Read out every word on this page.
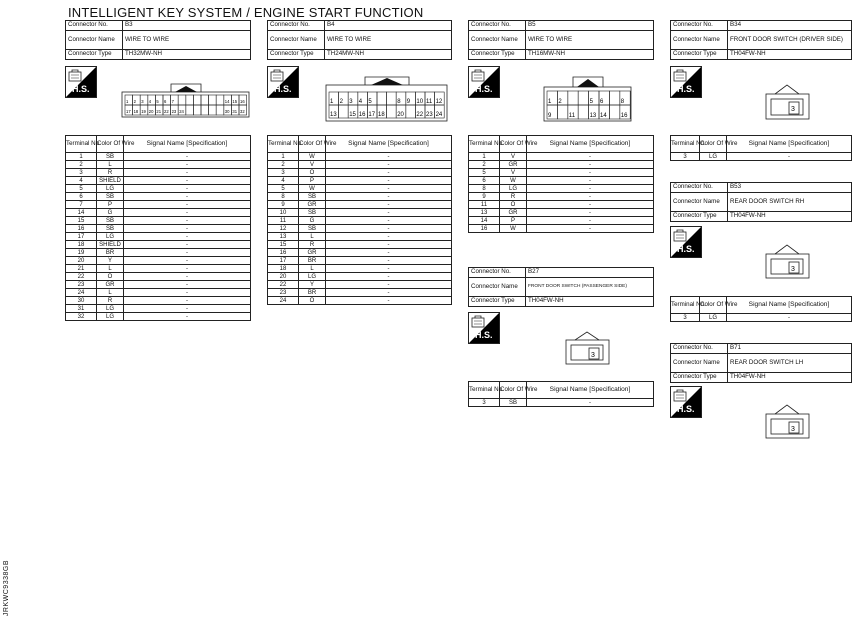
INTELLIGENT KEY SYSTEM / ENGINE START FUNCTION
JRKWC9338GB
Connector No.	B3
Connector Name	WIRE TO WIRE
Connector Type	TH32MW-NH
H.S.
1 2 3 4 5 6 7	14 15 16
17 18 19 20 21 22 23 24	30 31 32
Terminal No.	Color Of Wire	Signal Name [Specification]
1	SB	-
2	L	-
3	R	-
4	SHIELD	-
5	LG	-
6	SB	-
7	P	-
14	G	-
15	SB	-
16	SB	-
17	LG	-
18	SHIELD	-
19	BR	-
20	Y	-
21	L	-
22	O	-
23	GR	-
24	L	-
30	R	-
31	LG	-
32	LG	-
Connector No.	B4
Connector Name	WIRE TO WIRE
Connector Type	TH24MW-NH
H.S.
1 2 3 4 5	8 9 10 11 12
13 15 16 17 18 20 22 23 24
Terminal No.	Color Of Wire	Signal Name [Specification]
1	W	-
2	V	-
3	O	-
4	P	-
5	W	-
8	SB	-
9	GR	-
10	SB	-
11	G	-
12	SB	-
13	L	-
15	R	-
16	GR	-
17	BR	-
18	L	-
20	LG	-
22	Y	-
23	BR	-
24	O	-
Connector No.	B5
Connector Name	WIRE TO WIRE
Connector Type	TH16MW-NH
H.S.
1 2	5 6	8
9	11 13 14 16
Terminal No.	Color Of Wire	Signal Name [Specification]
1	V	-
2	GR	-
5	V	-
6	W	-
8	LG	-
9	R	-
11	O	-
13	GR	-
14	P	-
16	W	-
Connector No.	B27
Connector Name	FRONT DOOR SWITCH (PASSENGER SIDE)
Connector Type	TH04FW-NH
H.S.
3
Terminal No.	Color Of Wire	Signal Name [Specification]
3	SB	-
Connector No.	B34
Connector Name	FRONT DOOR SWITCH (DRIVER SIDE)
Connector Type	TH04FW-NH
H.S.
3
Terminal No.	Color Of Wire	Signal Name [Specification]
3	LG	-
Connector No.	B53
Connector Name	REAR DOOR SWITCH RH
Connector Type	TH04FW-NH
H.S.
3
Terminal No.	Color Of Wire	Signal Name [Specification]
3	LG	-
Connector No.	B71
Connector Name	REAR DOOR SWITCH LH
Connector Type	TH04FW-NH
H.S.
3
